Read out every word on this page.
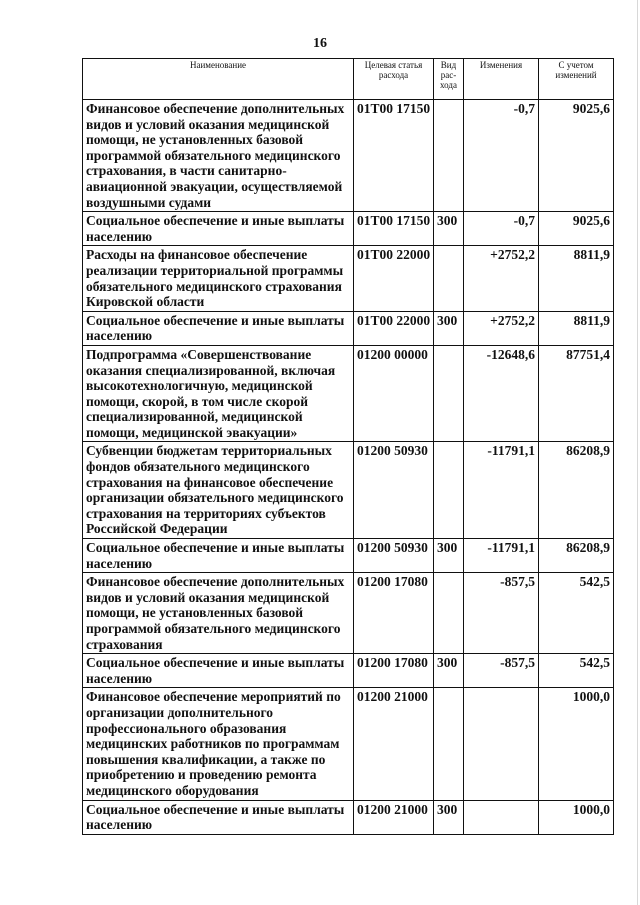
16
Наименование	Целевая статья расхода	Вид рас-хода	Изменения	С учетом изменений
Финансовое обеспечение дополнительных видов и условий оказания медицинской помощи, не установленных базовой программой обязательного медицинского страхования, в части санитарно-авиационной эвакуации, осуществляемой воздушными судами	01Т00 17150		-0,7	9025,6
Социальное обеспечение и иные выплаты населению	01Т00 17150	300	-0,7	9025,6
Расходы на финансовое обеспечение реализации территориальной программы обязательного медицинского страхования Кировской области	01Т00 22000		+2752,2	8811,9
Социальное обеспечение и иные выплаты населению	01Т00 22000	300	+2752,2	8811,9
Подпрограмма «Совершенствование оказания специализированной, включая высокотехнологичную, медицинской помощи, скорой, в том числе скорой специализированной, медицинской помощи, медицинской эвакуации»	01200 00000		-12648,6	87751,4
Субвенции бюджетам территориальных фондов обязательного медицинского страхования на финансовое обеспечение организации обязательного медицинского страхования на территориях субъектов Российской Федерации	01200 50930		-11791,1	86208,9
Социальное обеспечение и иные выплаты населению	01200 50930	300	-11791,1	86208,9
Финансовое обеспечение дополнительных видов и условий оказания медицинской помощи, не установленных базовой программой обязательного медицинского страхования	01200 17080		-857,5	542,5
Социальное обеспечение и иные выплаты населению	01200 17080	300	-857,5	542,5
Финансовое обеспечение мероприятий по организации дополнительного профессионального образования медицинских работников по программам повышения квалификации, а также по приобретению и проведению ремонта медицинского оборудования	01200 21000			1000,0
Социальное обеспечение и иные выплаты населению	01200 21000	300		1000,0
